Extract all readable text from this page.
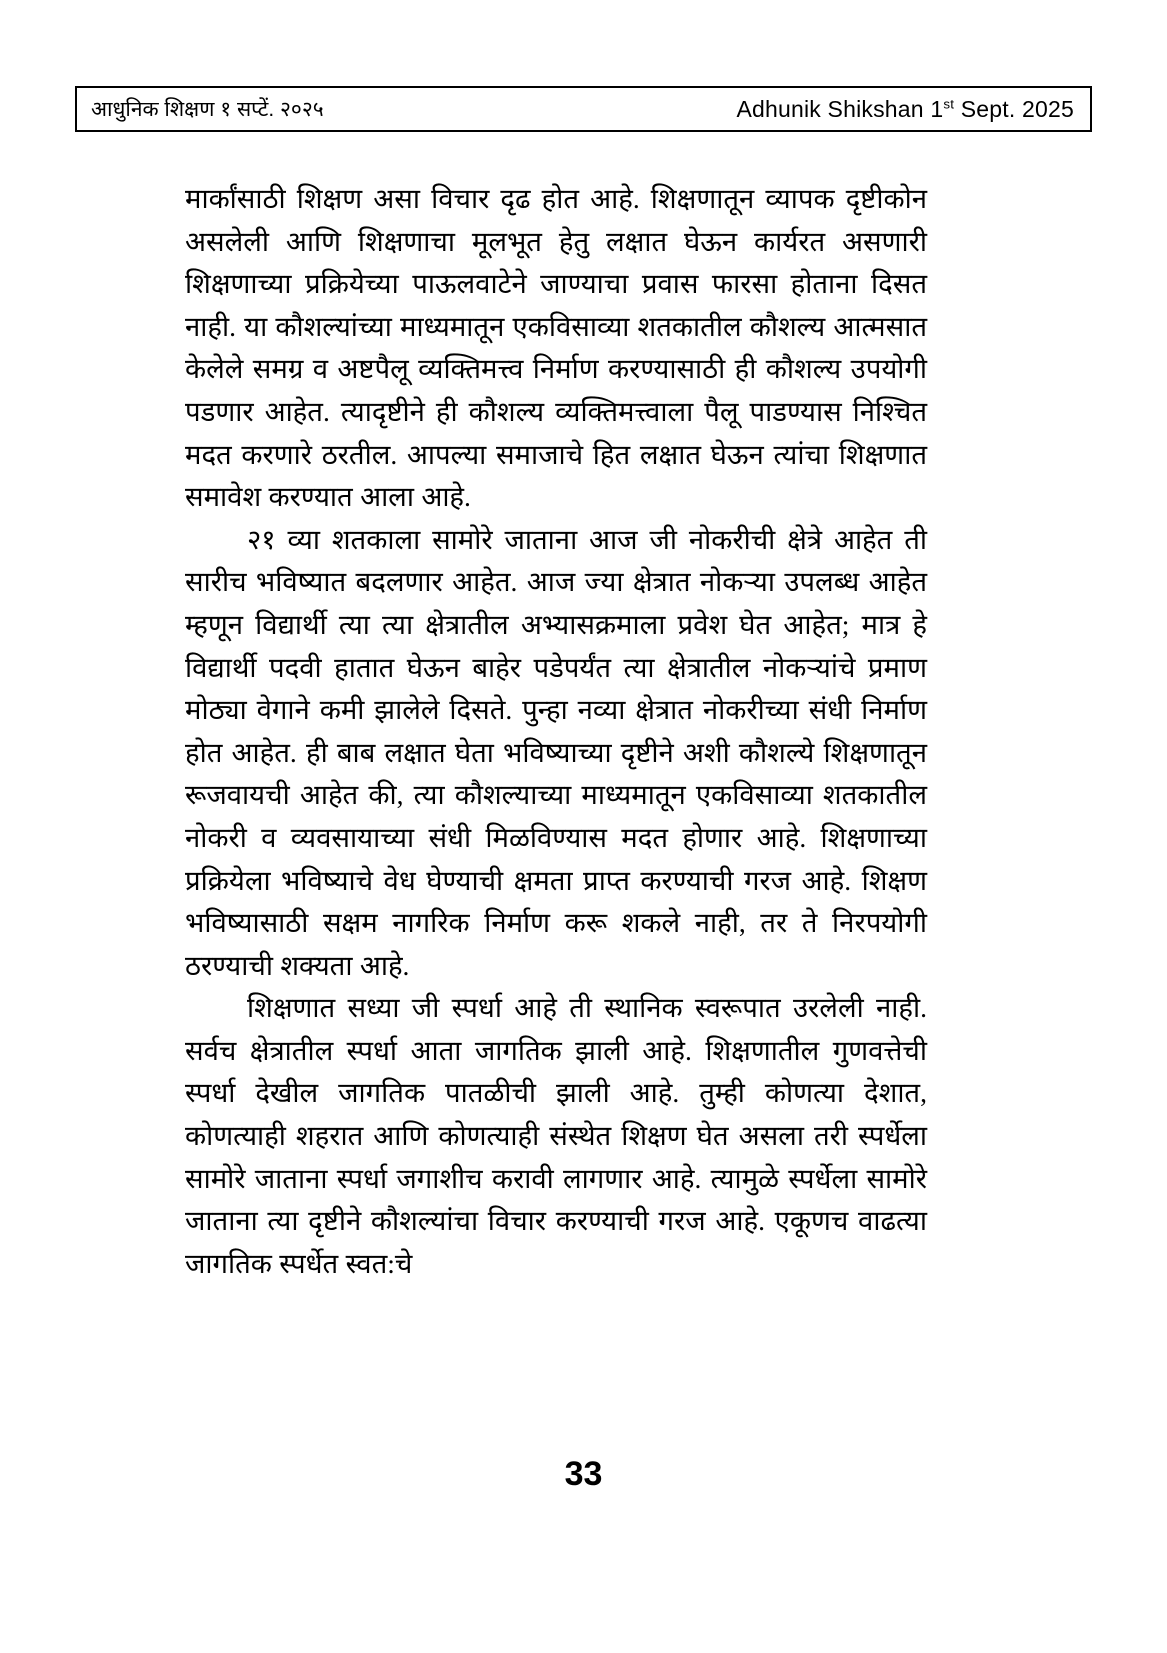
आधुनिक शिक्षण १ सप्टें. २०२५	Adhunik Shikshan 1st Sept. 2025

मार्कांसाठी शिक्षण असा विचार दृढ होत आहे. शिक्षणातून व्यापक दृष्टीकोन असलेली आणि शिक्षणाचा मूलभूत हेतु लक्षात घेऊन कार्यरत असणारी शिक्षणाच्या प्रक्रियेच्या पाऊलवाटेने जाण्याचा प्रवास फारसा होताना दिसत नाही. या कौशल्यांच्या माध्यमातून एकविसाव्या शतकातील कौशल्य आत्मसात केलेले समग्र व अष्टपैलू व्यक्तिमत्त्व निर्माण करण्यासाठी ही कौशल्य उपयोगी पडणार आहेत. त्यादृष्टीने ही कौशल्य व्यक्तिमत्त्वाला पैलू पाडण्यास निश्चित मदत करणारे ठरतील. आपल्या समाजाचे हित लक्षात घेऊन त्यांचा शिक्षणात समावेश करण्यात आला आहे.

२१ व्या शतकाला सामोरे जाताना आज जी नोकरीची क्षेत्रे आहेत ती सारीच भविष्यात बदलणार आहेत. आज ज्या क्षेत्रात नोकऱ्या उपलब्ध आहेत म्हणून विद्यार्थी त्या त्या क्षेत्रातील अभ्यासक्रमाला प्रवेश घेत आहेत; मात्र हे विद्यार्थी पदवी हातात घेऊन बाहेर पडेपर्यंत त्या क्षेत्रातील नोकऱ्यांचे प्रमाण मोठ्या वेगाने कमी झालेले दिसते. पुन्हा नव्या क्षेत्रात नोकरीच्या संधी निर्माण होत आहेत. ही बाब लक्षात घेता भविष्याच्या दृष्टीने अशी कौशल्ये शिक्षणातून रूजवायची आहेत की, त्या कौशल्याच्या माध्यमातून एकविसाव्या शतकातील नोकरी व व्यवसायाच्या संधी मिळविण्यास मदत होणार आहे. शिक्षणाच्या प्रक्रियेला भविष्याचे वेध घेण्याची क्षमता प्राप्त करण्याची गरज आहे. शिक्षण भविष्यासाठी सक्षम नागरिक निर्माण करू शकले नाही, तर ते निरपयोगी ठरण्याची शक्यता आहे.

शिक्षणात सध्या जी स्पर्धा आहे ती स्थानिक स्वरूपात उरलेली नाही. सर्वच क्षेत्रातील स्पर्धा आता जागतिक झाली आहे. शिक्षणातील गुणवत्तेची स्पर्धा देखील जागतिक पातळीची झाली आहे. तुम्ही कोणत्या देशात, कोणत्याही शहरात आणि कोणत्याही संस्थेत शिक्षण घेत असला तरी स्पर्धेला सामोरे जाताना स्पर्धा जगाशीच करावी लागणार आहे. त्यामुळे स्पर्धेला सामोरे जाताना त्या दृष्टीने कौशल्यांचा विचार करण्याची गरज आहे. एकूणच वाढत्या जागतिक स्पर्धेत स्वत:चे

33
